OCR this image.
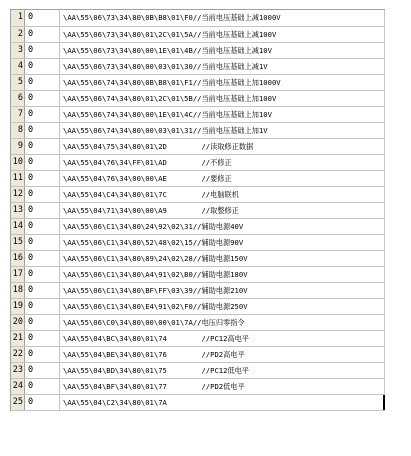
1 0	\AA\55\06\73\34\80\0B\B8\01\F0//当前电压基础上减1000V
2 0	\AA\55\06\73\34\80\01\2C\01\5A//当前电压基础上减100V
3 0	\AA\55\06\73\34\80\00\1E\01\4B//当前电压基础上减10V
4 0	\AA\55\06\73\34\80\00\03\01\30//当前电压基础上减1V
5 0	\AA\55\06\74\34\80\0B\B8\01\F1//当前电压基础上加1000V
6 0	\AA\55\06\74\34\80\01\2C\01\5B//当前电压基础上加100V
7 0	\AA\55\06\74\34\80\00\1E\01\4C//当前电压基础上加10V
8 0	\AA\55\06\74\34\80\00\03\01\31//当前电压基础上加1V
9 0	\AA\55\04\75\34\80\01\2D        //读取修正数据
10 0	\AA\55\04\76\34\FF\01\AD        //不修正
11 0	\AA\55\04\76\34\00\00\AE        //要修正
12 0	\AA\55\04\C4\34\80\01\7C        //电脑联机
13 0	\AA\55\04\71\34\00\00\A9        //取整修正
14 0	\AA\55\06\C1\34\80\24\92\02\31//辅助电源40V
15 0	\AA\55\06\C1\34\80\52\48\02\15//辅助电源90V
16 0	\AA\55\06\C1\34\80\89\24\02\28//辅助电源150V
17 0	\AA\55\06\C1\34\80\A4\91\02\B0//辅助电源180V
18 0	\AA\55\06\C1\34\80\BF\FF\03\39//辅助电源210V
19 0	\AA\55\06\C1\34\80\E4\91\02\F0//辅助电源250V
20 0	\AA\55\06\C0\34\80\00\00\01\7A//电压归零指令
21 0	\AA\55\04\BC\34\80\01\74        //PC12高电平
22 0	\AA\55\04\BE\34\80\01\76        //PD2高电平
23 0	\AA\55\04\BD\34\80\01\75        //PC12低电平
24 0	\AA\55\04\BF\34\80\01\77        //PD2低电平
25 0	\AA\55\04\C2\34\80\01\7A
